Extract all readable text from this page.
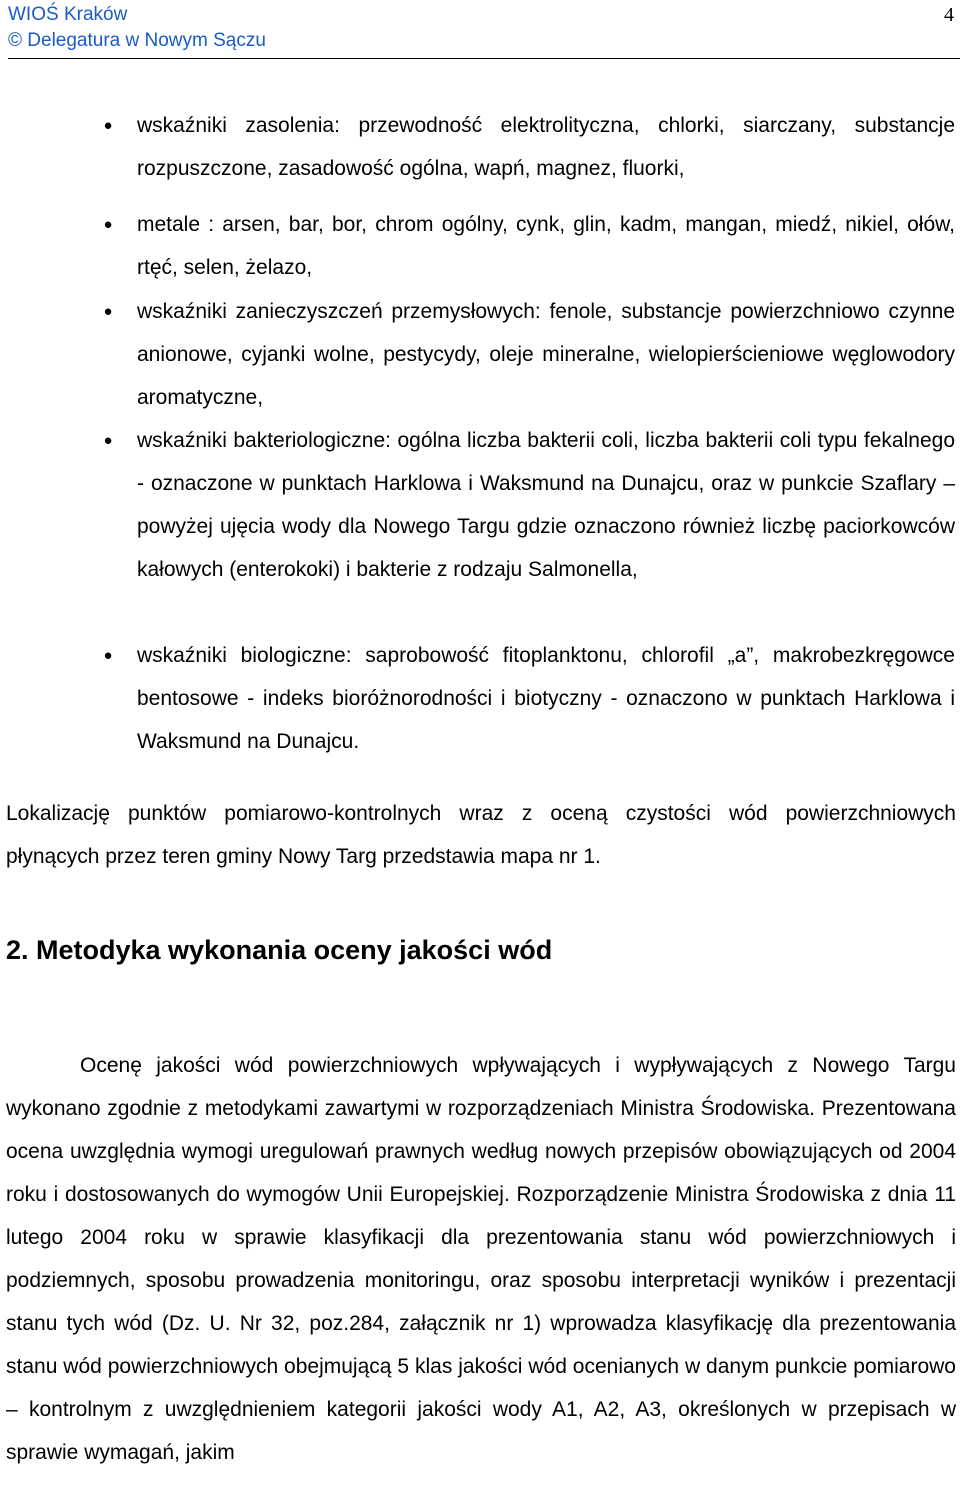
WIOŚ Kraków
© Delegatura w Nowym Sączu
4
● wskaźniki zasolenia: przewodność elektrolityczna, chlorki, siarczany, substancje rozpuszczone, zasadowość ogólna, wapń, magnez, fluorki,
● metale : arsen, bar, bor, chrom ogólny, cynk, glin, kadm, mangan, miedź, nikiel, ołów, rtęć, selen, żelazo,
● wskaźniki zanieczyszczeń przemysłowych: fenole, substancje powierzchniowo czynne anionowe, cyjanki wolne, pestycydy, oleje mineralne, wielopierścieniowe węglowodory aromatyczne,
● wskaźniki bakteriologiczne: ogólna liczba bakterii coli, liczba bakterii coli typu fekalnego - oznaczone w punktach Harklowa i Waksmund na Dunajcu, oraz w punkcie Szaflary – powyżej ujęcia wody dla Nowego Targu gdzie oznaczono również liczbę paciorkowców kałowych (enterokoki) i bakterie z rodzaju Salmonella,
● wskaźniki biologiczne: saprobowość fitoplanktonu, chlorofil „a”, makrobezkręgowce bentosowe - indeks bioróżnorodności i biotyczny - oznaczono w punktach Harklowa i Waksmund na Dunajcu.

Lokalizację punktów pomiarowo-kontrolnych wraz z oceną czystości wód powierzchniowych płynących przez teren gminy Nowy Targ przedstawia mapa nr 1.

2. Metodyka wykonania oceny jakości wód

Ocenę jakości wód powierzchniowych wpływających i wypływających z Nowego Targu wykonano zgodnie z metodykami zawartymi w rozporządzeniach Ministra Środowiska. Prezentowana ocena uwzględnia wymogi uregulowań prawnych według nowych przepisów obowiązujących od 2004 roku i dostosowanych do wymogów Unii Europejskiej. Rozporządzenie Ministra Środowiska z dnia 11 lutego 2004 roku w sprawie klasyfikacji dla prezentowania stanu wód powierzchniowych i podziemnych, sposobu prowadzenia monitoringu, oraz sposobu interpretacji wyników i prezentacji stanu tych wód (Dz. U. Nr 32, poz.284, załącznik nr 1) wprowadza klasyfikację dla prezentowania stanu wód powierzchniowych obejmującą 5 klas jakości wód ocenianych w danym punkcie pomiarowo – kontrolnym z uwzględnieniem kategorii jakości wody A1, A2, A3, określonych w przepisach w sprawie wymagań, jakim
